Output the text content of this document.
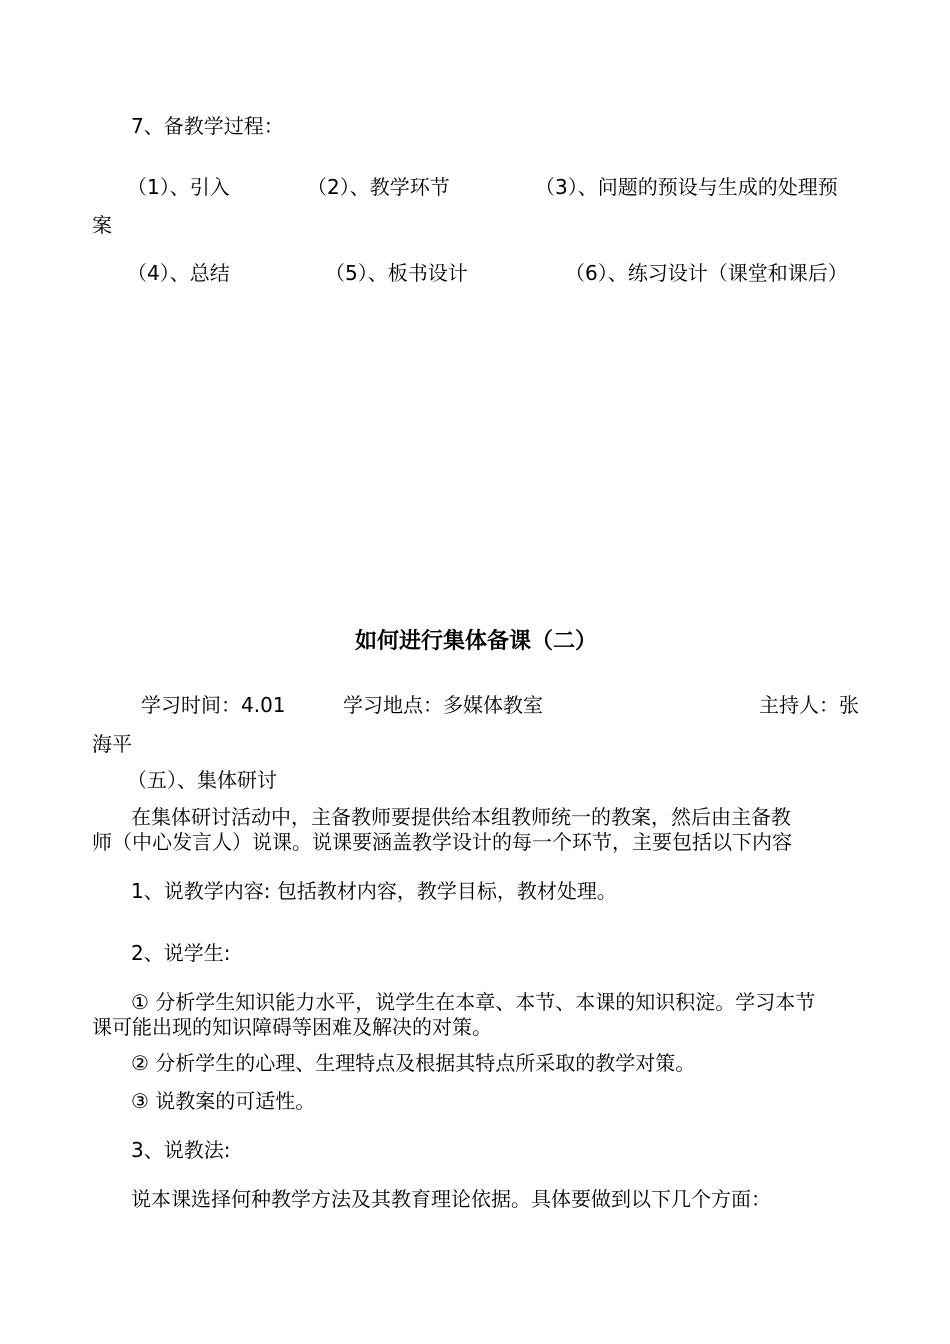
7、备教学过程：
（1）、引入	（2）、教学环节	（3）、问题的预设与生成的处理预
案
（4）、总结	（5）、板书设计	（6）、练习设计（课堂和课后）
如何进行集体备课（二）
学习时间：4.01	学习地点：多媒体教室	主持人：张
海平
（五）、集体研讨
在集体研讨活动中，主备教师要提供给本组教师统一的教案，然后由主备教
师（中心发言人）说课。说课要涵盖教学设计的每一个环节，主要包括以下内容
1、说教学内容: 包括教材内容，教学目标，教材处理。
2、说学生:
① 分析学生知识能力水平，说学生在本章、本节、本课的知识积淀。学习本节
课可能出现的知识障碍等困难及解决的对策。
② 分析学生的心理、生理特点及根据其特点所采取的教学对策。
③ 说教案的可适性。
3、说教法:
说本课选择何种教学方法及其教育理论依据。具体要做到以下几个方面：
